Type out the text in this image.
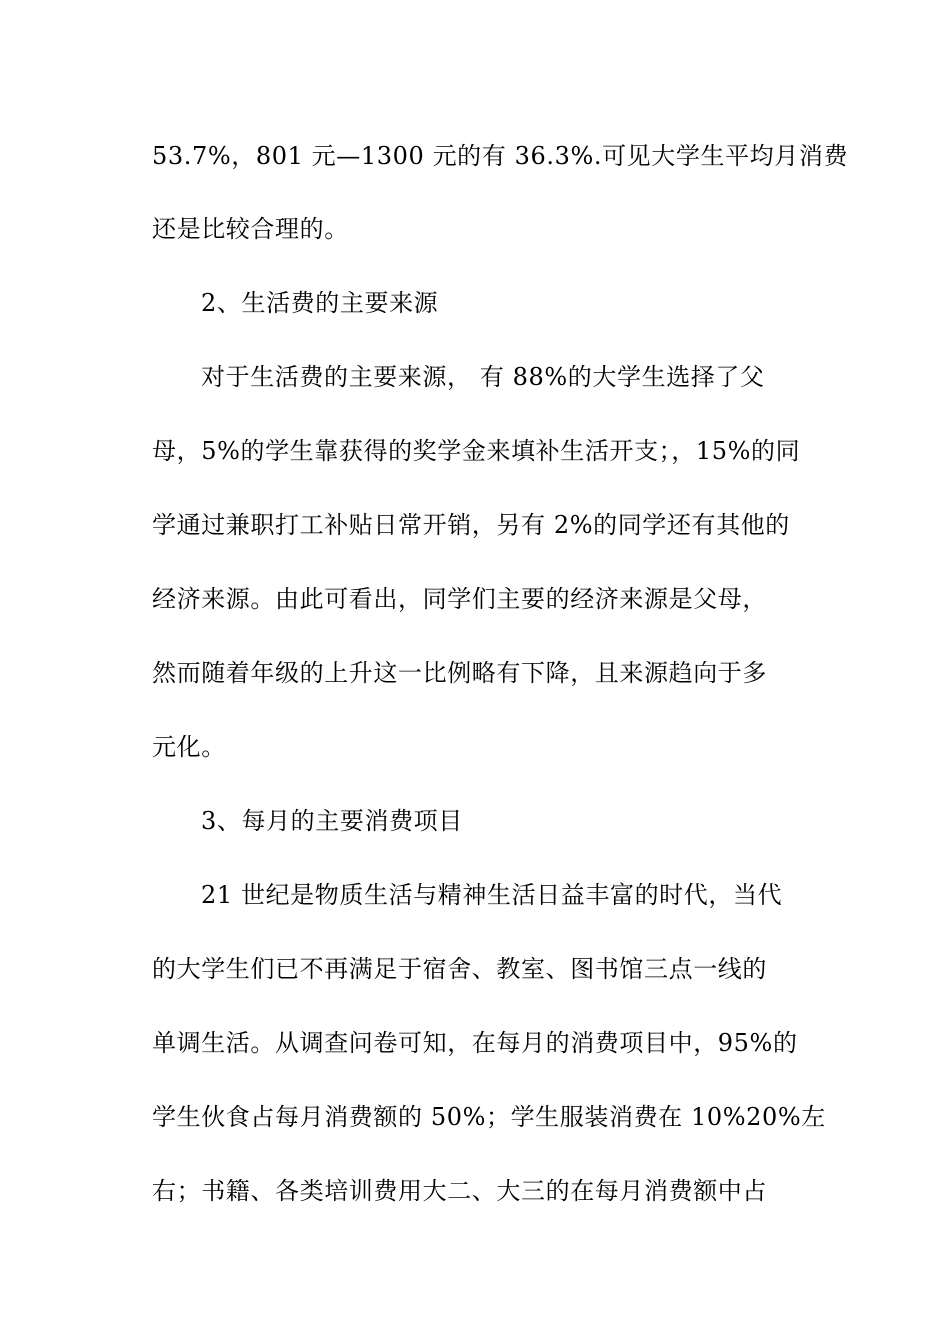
53.7%，801 元—1300 元的有 36.3%.可见大学生平均月消费
还是比较合理的。
2、生活费的主要来源
对于生活费的主要来源， 有 88%的大学生选择了父
母，5%的学生靠获得的奖学金来填补生活开支；，15%的同
学通过兼职打工补贴日常开销，另有 2%的同学还有其他的
经济来源。由此可看出，同学们主要的经济来源是父母，
然而随着年级的上升这一比例略有下降，且来源趋向于多
元化。
3、每月的主要消费项目
21 世纪是物质生活与精神生活日益丰富的时代，当代
的大学生们已不再满足于宿舍、教室、图书馆三点一线的
单调生活。从调查问卷可知，在每月的消费项目中，95%的
学生伙食占每月消费额的 50%；学生服装消费在 10%20%左
右；书籍、各类培训费用大二、大三的在每月消费额中占
